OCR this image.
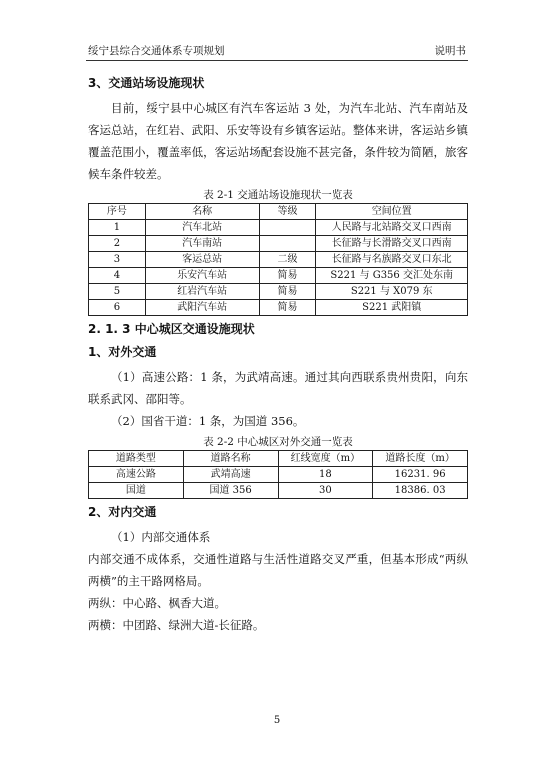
绥宁县综合交通体系专项规划	说明书
3、交通站场设施现状

目前，绥宁县中心城区有汽车客运站 3 处，为汽车北站、汽车南站及客运总站，在红岩、武阳、乐安等设有乡镇客运站。整体来讲，客运站乡镇覆盖范围小，覆盖率低，客运站场配套设施不甚完备，条件较为简陋，旅客候车条件较差。

表 2-1 交通站场设施现状一览表
序号	名称	等级	空间位置
1	汽车北站		人民路与北站路交叉口西南
2	汽车南站		长征路与长滑路交叉口西南
3	客运总站	二级	长征路与名族路交叉口东北
4	乐安汽车站	简易	S221 与 G356 交汇处东南
5	红岩汽车站	简易	S221 与 X079 东
6	武阳汽车站	简易	S221 武阳镇
2. 1. 3 中心城区交通设施现状
1、对外交通

（1）高速公路：1 条，为武靖高速。通过其向西联系贵州贵阳，向东联系武冈、邵阳等。

（2）国省干道：1 条，为国道 356。

表 2-2 中心城区对外交通一览表
道路类型	道路名称	红线宽度（m）	道路长度（m）
高速公路	武靖高速	18	16231. 96
国道	国道 356	30	18386. 03
2、对内交通

（1）内部交通体系

内部交通不成体系，交通性道路与生活性道路交叉严重，但基本形成“两纵两横”的主干路网格局。

两纵：中心路、枫香大道。

两横：中团路、绿洲大道-长征路。

5
